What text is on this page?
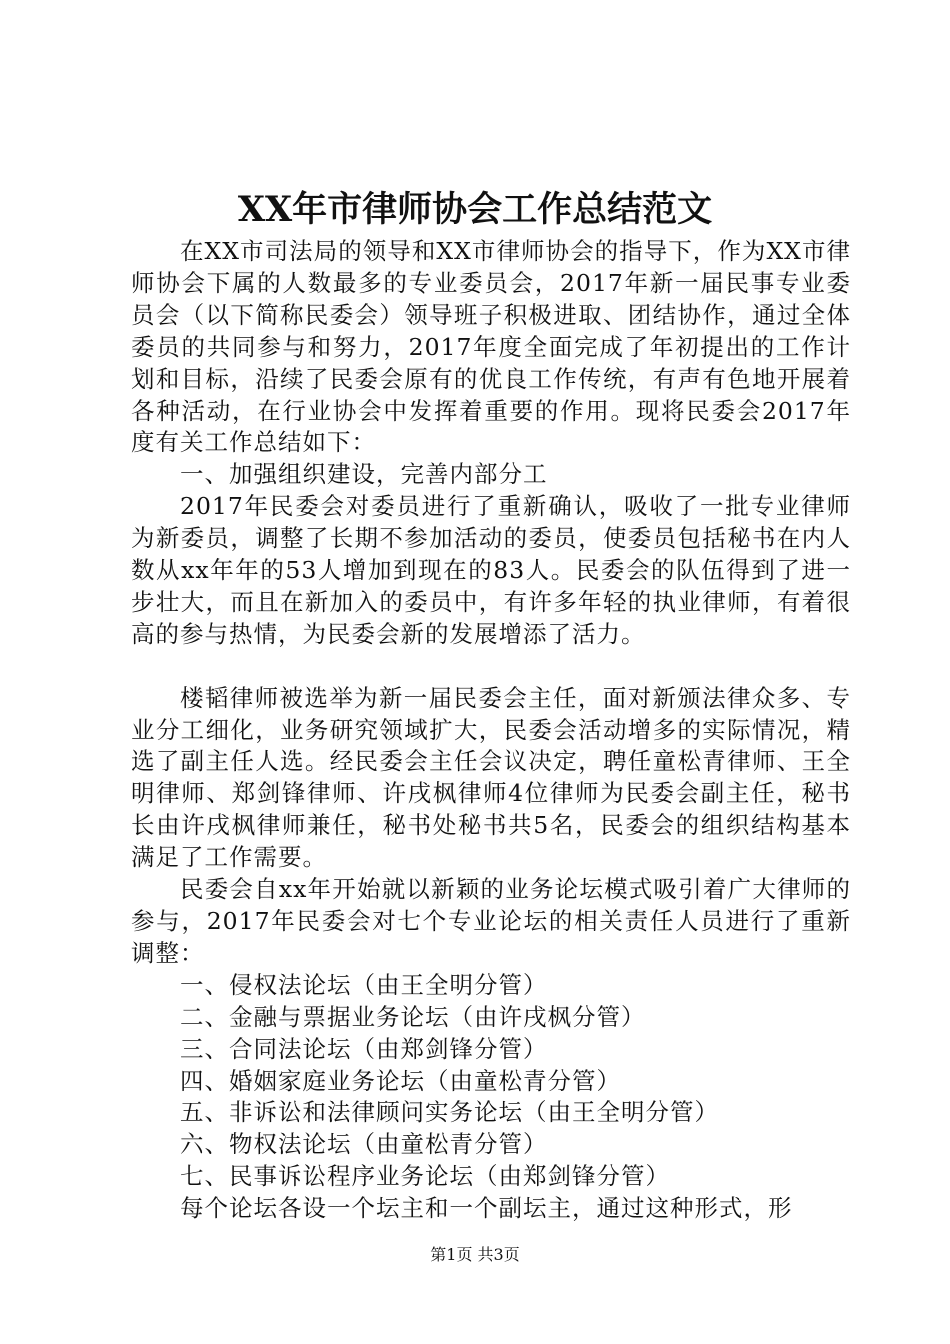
XX年市律师协会工作总结范文

在XX市司法局的领导和XX市律师协会的指导下，作为XX市律师协会下属的人数最多的专业委员会，2017年新一届民事专业委员会（以下简称民委会）领导班子积极进取、团结协作，通过全体委员的共同参与和努力，2017年度全面完成了年初提出的工作计划和目标，沿续了民委会原有的优良工作传统，有声有色地开展着各种活动，在行业协会中发挥着重要的作用。现将民委会2017年度有关工作总结如下：

一、加强组织建设，完善内部分工

2017年民委会对委员进行了重新确认，吸收了一批专业律师为新委员，调整了长期不参加活动的委员，使委员包括秘书在内人数从xx年年的53人增加到现在的83人。民委会的队伍得到了进一步壮大，而且在新加入的委员中，有许多年轻的执业律师，有着很高的参与热情，为民委会新的发展增添了活力。

楼韬律师被选举为新一届民委会主任，面对新颁法律众多、专业分工细化，业务研究领域扩大，民委会活动增多的实际情况，精选了副主任人选。经民委会主任会议决定，聘任童松青律师、王全明律师、郑剑锋律师、许戌枫律师4位律师为民委会副主任，秘书长由许戌枫律师兼任，秘书处秘书共5名，民委会的组织结构基本满足了工作需要。

民委会自xx年开始就以新颖的业务论坛模式吸引着广大律师的参与，2017年民委会对七个专业论坛的相关责任人员进行了重新调整：

一、侵权法论坛（由王全明分管）

二、金融与票据业务论坛（由许戌枫分管）

三、合同法论坛（由郑剑锋分管）

四、婚姻家庭业务论坛（由童松青分管）

五、非诉讼和法律顾问实务论坛（由王全明分管）

六、物权法论坛（由童松青分管）

七、民事诉讼程序业务论坛（由郑剑锋分管）

每个论坛各设一个坛主和一个副坛主，通过这种形式，形

第1页 共3页
